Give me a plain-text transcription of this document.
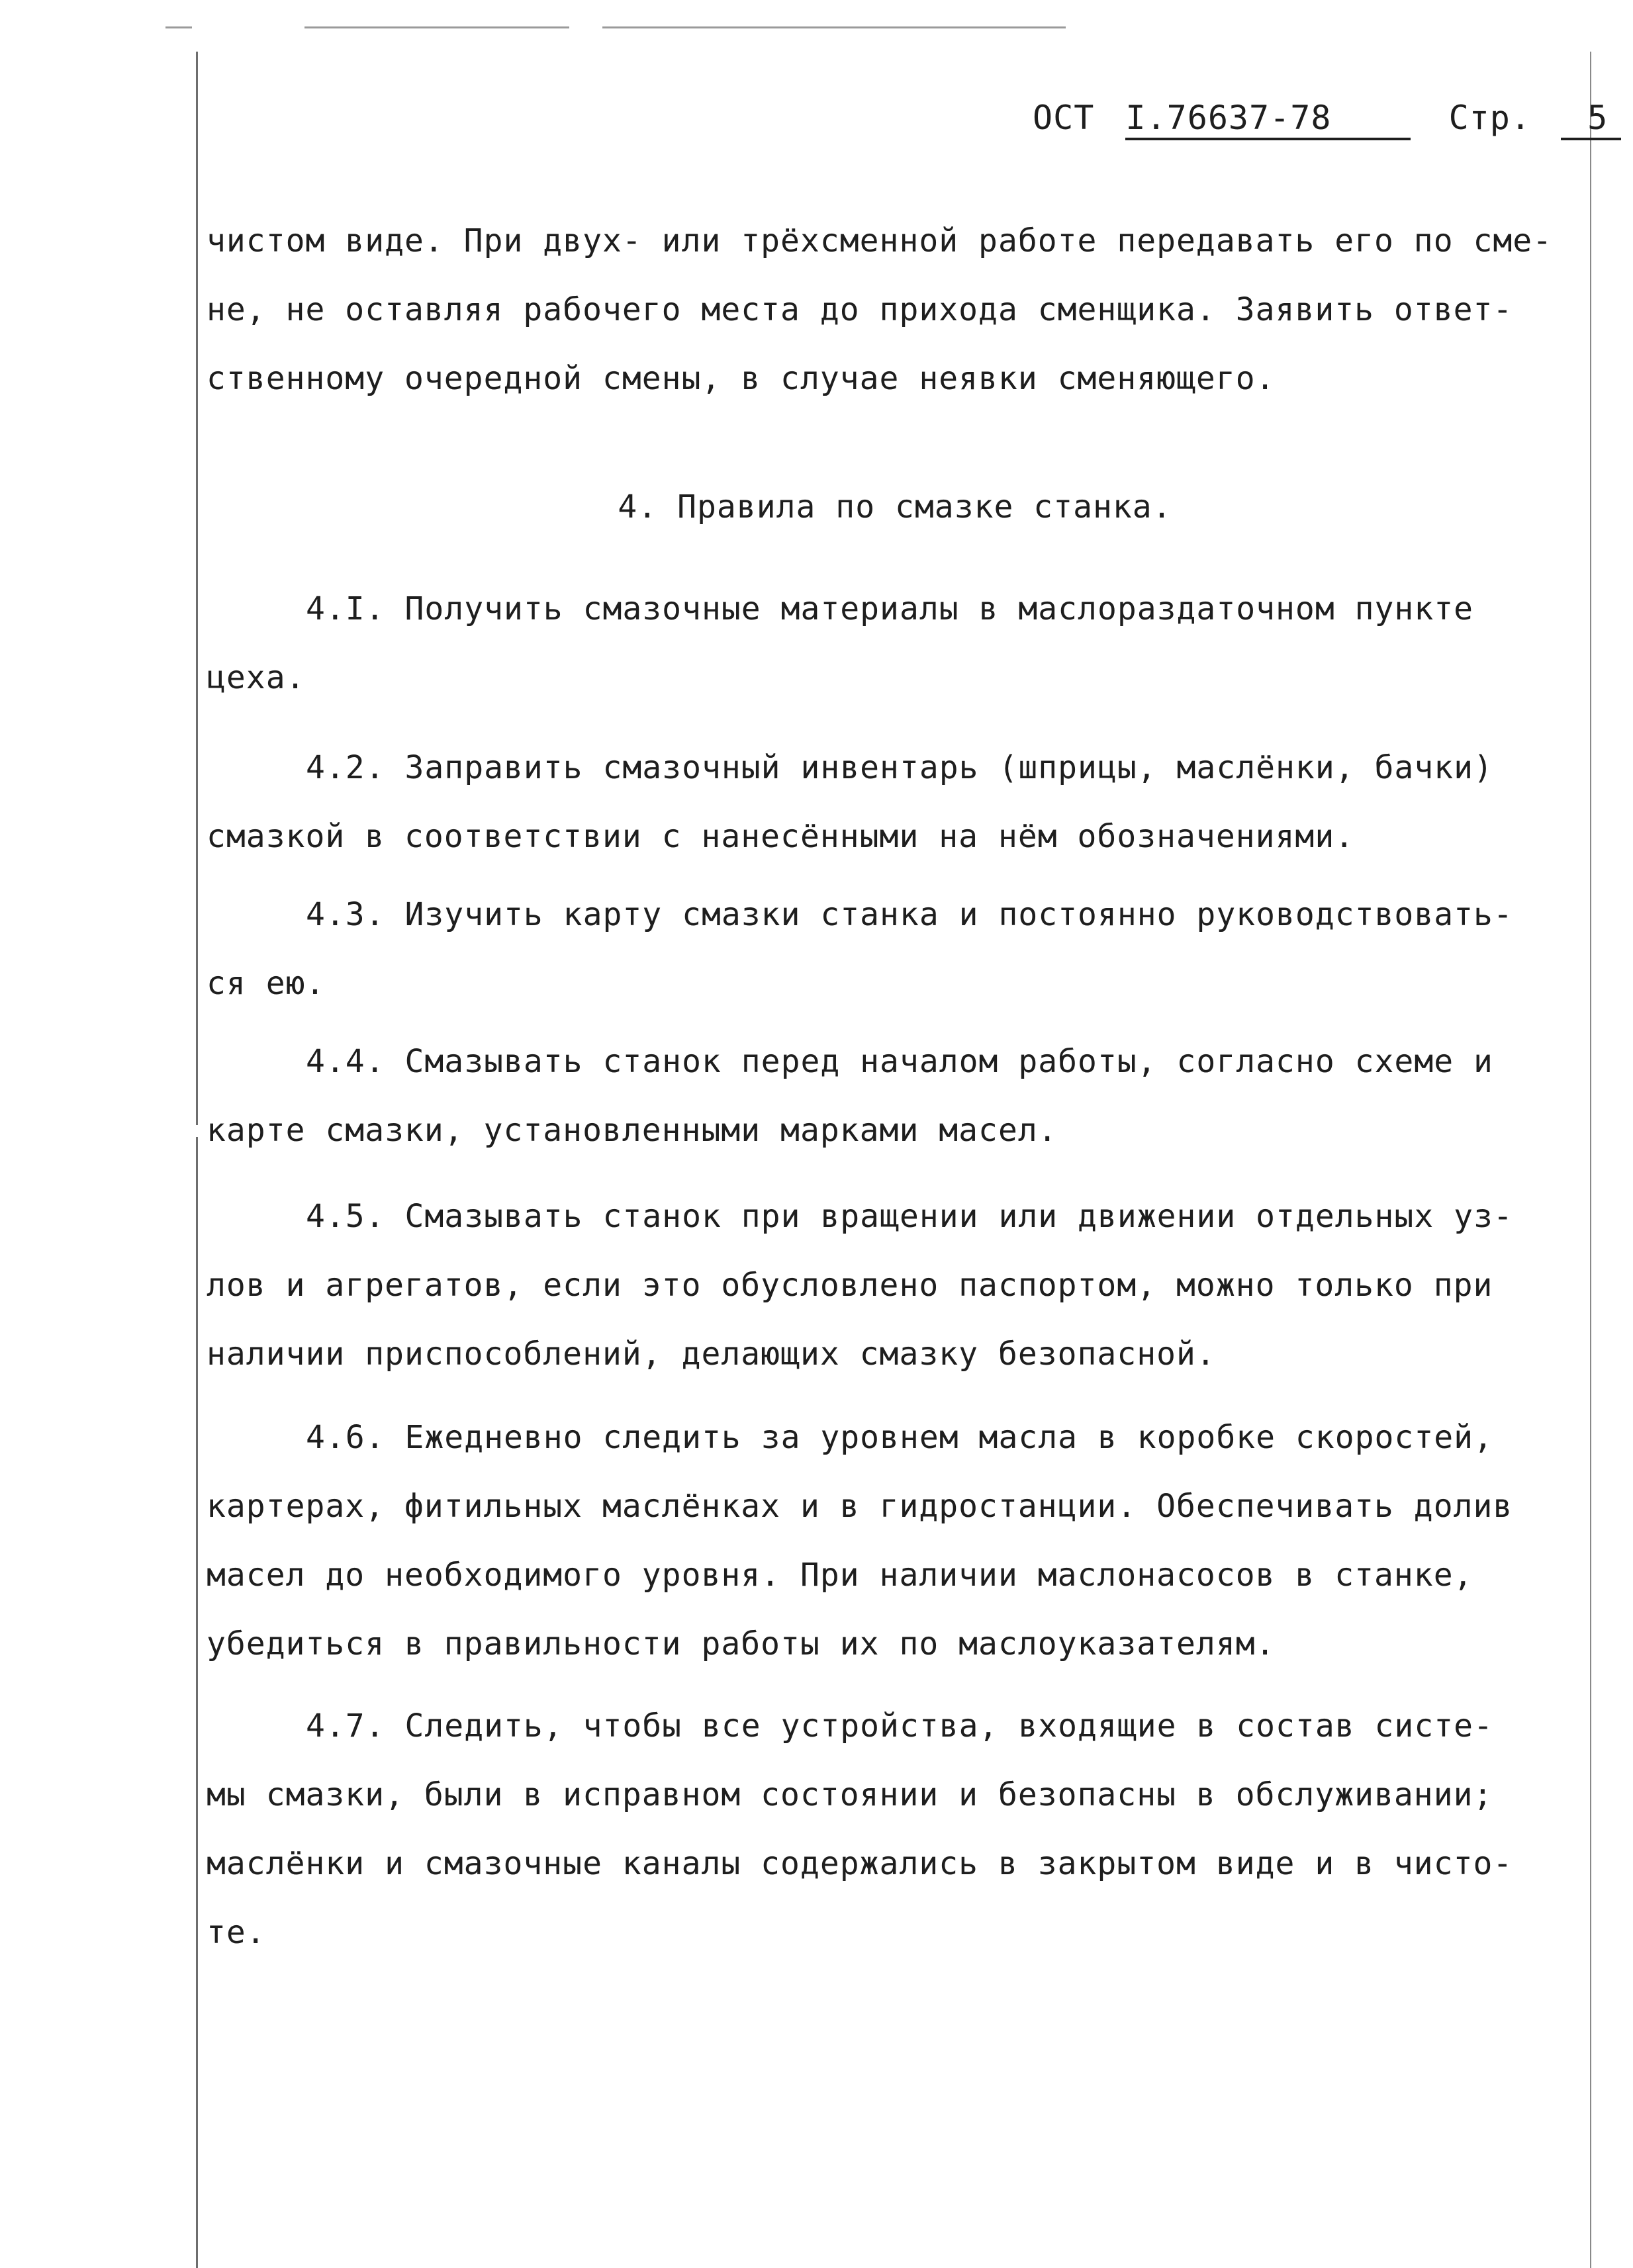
ОСТ I.76637-78	Стр. 5
чистом виде. При двух- или трёхсменной работе передавать его по сме-
не, не оставляя рабочего места до прихода сменщика. Заявить ответ-
ственному очередной смены, в случае неявки сменяющего.
4. Правила по смазке станка.
4.I. Получить смазочные материалы в маслораздаточном пункте
цеха.
4.2. Заправить смазочный инвентарь (шприцы, маслёнки, бачки)
смазкой в соответствии с нанесёнными на нём обозначениями.
4.3. Изучить карту смазки станка и постоянно руководствовать-
ся ею.
4.4. Смазывать станок перед началом работы, согласно схеме и
карте смазки, установленными марками масел.
4.5. Смазывать станок при вращении или движении отдельных уз-
лов и агрегатов, если это обусловлено паспортом, можно только при
наличии приспособлений, делающих смазку безопасной.
4.6. Ежедневно следить за уровнем масла в коробке скоростей,
картерах, фитильных маслёнках и в гидростанции. Обеспечивать долив
масел до необходимого уровня. При наличии маслонасосов в станке,
убедиться в правильности работы их по маслоуказателям.
4.7. Следить, чтобы все устройства, входящие в состав систе-
мы смазки, были в исправном состоянии и безопасны в обслуживании;
маслёнки и смазочные каналы содержались в закрытом виде и в чисто-
те.
